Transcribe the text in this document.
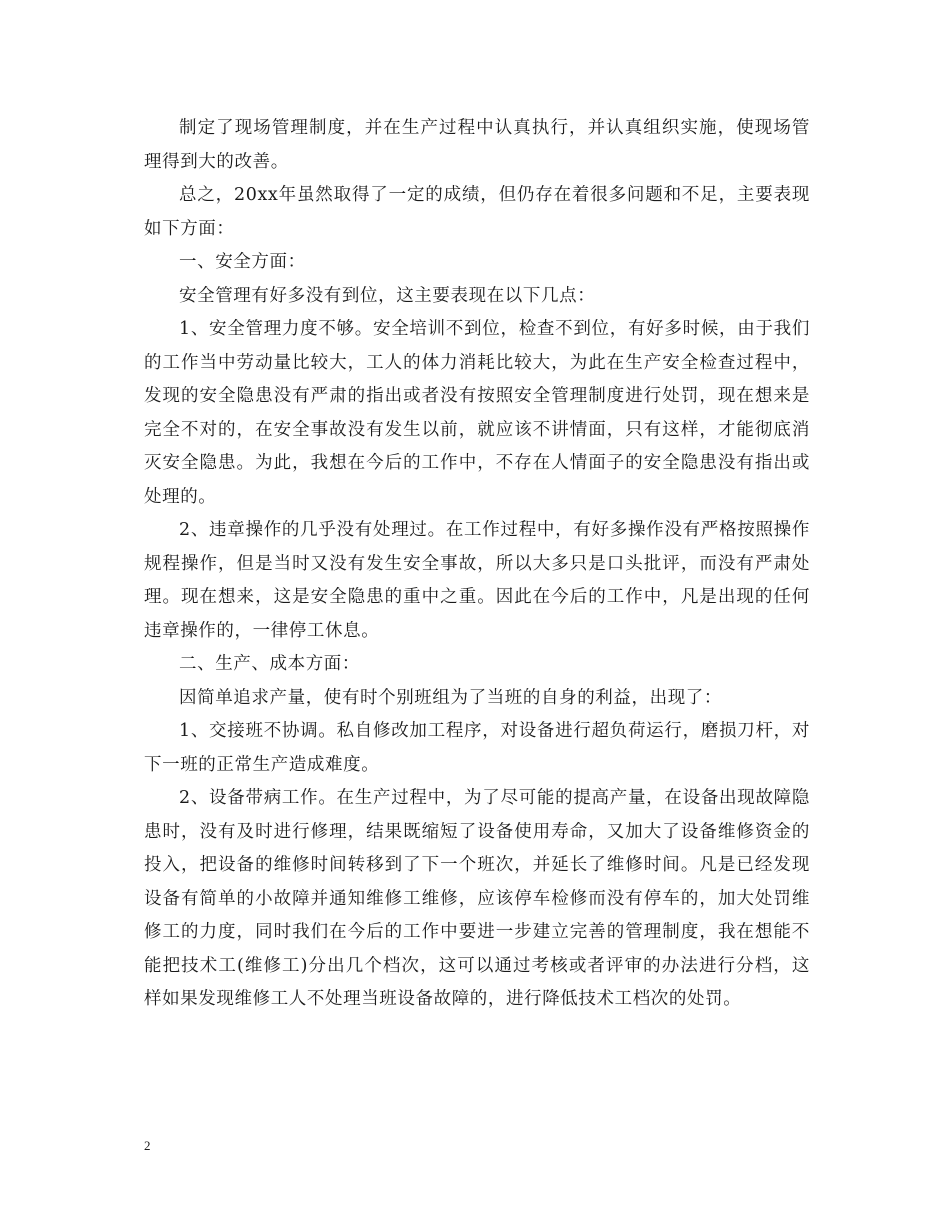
制定了现场管理制度，并在生产过程中认真执行，并认真组织实施，使现场管理得到大的改善。

总之，20xx年虽然取得了一定的成绩，但仍存在着很多问题和不足，主要表现如下方面：

一、安全方面：

安全管理有好多没有到位，这主要表现在以下几点：

1、安全管理力度不够。安全培训不到位，检查不到位，有好多时候，由于我们的工作当中劳动量比较大，工人的体力消耗比较大，为此在生产安全检查过程中，发现的安全隐患没有严肃的指出或者没有按照安全管理制度进行处罚，现在想来是完全不对的，在安全事故没有发生以前，就应该不讲情面，只有这样，才能彻底消灭安全隐患。为此，我想在今后的工作中，不存在人情面子的安全隐患没有指出或处理的。

2、违章操作的几乎没有处理过。在工作过程中，有好多操作没有严格按照操作规程操作，但是当时又没有发生安全事故，所以大多只是口头批评，而没有严肃处理。现在想来，这是安全隐患的重中之重。因此在今后的工作中，凡是出现的任何违章操作的，一律停工休息。

二、生产、成本方面：

因简单追求产量，使有时个别班组为了当班的自身的利益，出现了：

1、交接班不协调。私自修改加工程序，对设备进行超负荷运行，磨损刀杆，对下一班的正常生产造成难度。

2、设备带病工作。在生产过程中，为了尽可能的提高产量，在设备出现故障隐患时，没有及时进行修理，结果既缩短了设备使用寿命，又加大了设备维修资金的投入，把设备的维修时间转移到了下一个班次，并延长了维修时间。凡是已经发现设备有简单的小故障并通知维修工维修，应该停车检修而没有停车的，加大处罚维修工的力度，同时我们在今后的工作中要进一步建立完善的管理制度，我在想能不能把技术工(维修工)分出几个档次，这可以通过考核或者评审的办法进行分档，这样如果发现维修工人不处理当班设备故障的，进行降低技术工档次的处罚。

2
